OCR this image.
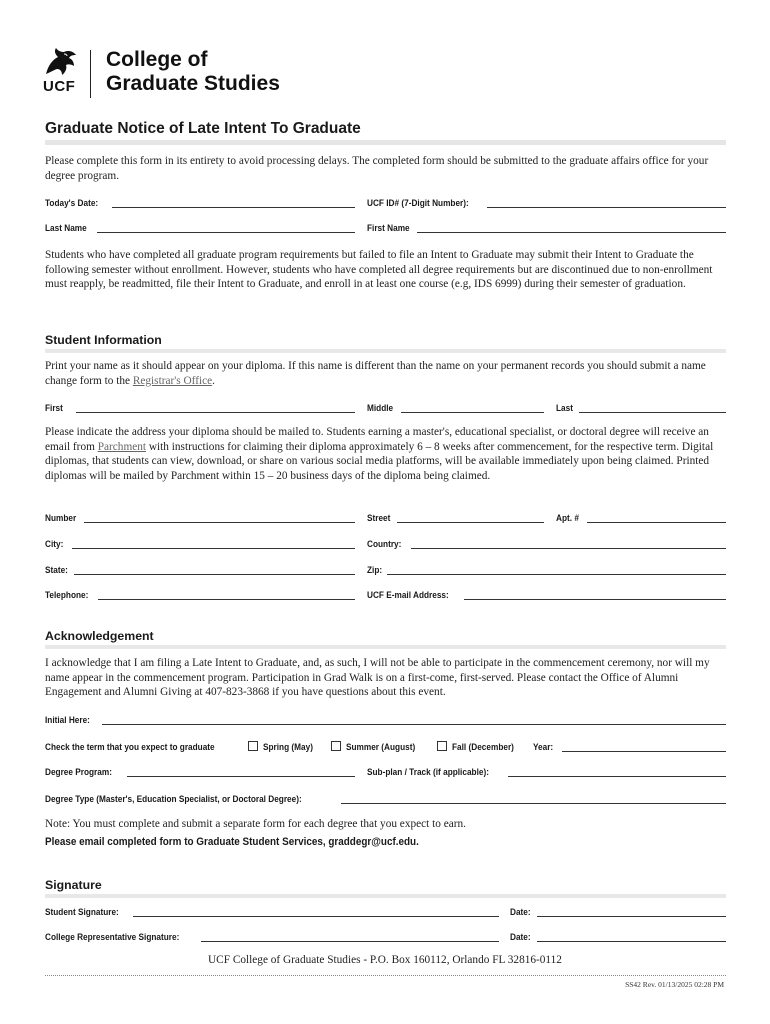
UCF
College of
Graduate Studies
Graduate Notice of Late Intent To Graduate
Please complete this form in its entirety to avoid processing delays. The completed form should be submitted to the graduate affairs office for your degree program.
Today's Date:	UCF ID# (7-Digit Number):
Last Name	First Name
Students who have completed all graduate program requirements but failed to file an Intent to Graduate may submit their Intent to Graduate the following semester without enrollment. However, students who have completed all degree requirements but are discontinued due to non-enrollment must reapply, be readmitted, file their Intent to Graduate, and enroll in at least one course (e.g, IDS 6999) during their semester of graduation.
Student Information
Print your name as it should appear on your diploma. If this name is different than the name on your permanent records you should submit a name change form to the Registrar's Office.
First	Middle	Last
Please indicate the address your diploma should be mailed to. Students earning a master's, educational specialist, or doctoral degree will receive an email from Parchment with instructions for claiming their diploma approximately 6 – 8 weeks after commencement, for the respective term. Digital diplomas, that students can view, download, or share on various social media platforms, will be available immediately upon being claimed. Printed diplomas will be mailed by Parchment within 15 – 20 business days of the diploma being claimed.
Number	Street	Apt. #
City:	Country:
State:	Zip:
Telephone:	UCF E-mail Address:
Acknowledgement
I acknowledge that I am filing a Late Intent to Graduate, and, as such, I will not be able to participate in the commencement ceremony, nor will my name appear in the commencement program. Participation in Grad Walk is on a first-come, first-served. Please contact the Office of Alumni Engagement and Alumni Giving at 407-823-3868 if you have questions about this event.
Initial Here:
Check the term that you expect to graduate	Spring (May)	Summer (August)	Fall (December) Year:
Degree Program:	Sub-plan / Track (if applicable):
Degree Type (Master's, Education Specialist, or Doctoral Degree):
Note: You must complete and submit a separate form for each degree that you expect to earn.
Please email completed form to Graduate Student Services, graddegr@ucf.edu.
Signature
Student Signature:	Date:
College Representative Signature:	Date:
UCF College of Graduate Studies - P.O. Box 160112, Orlando FL 32816-0112
SS42 Rev. 01/13/2025 02:28 PM
